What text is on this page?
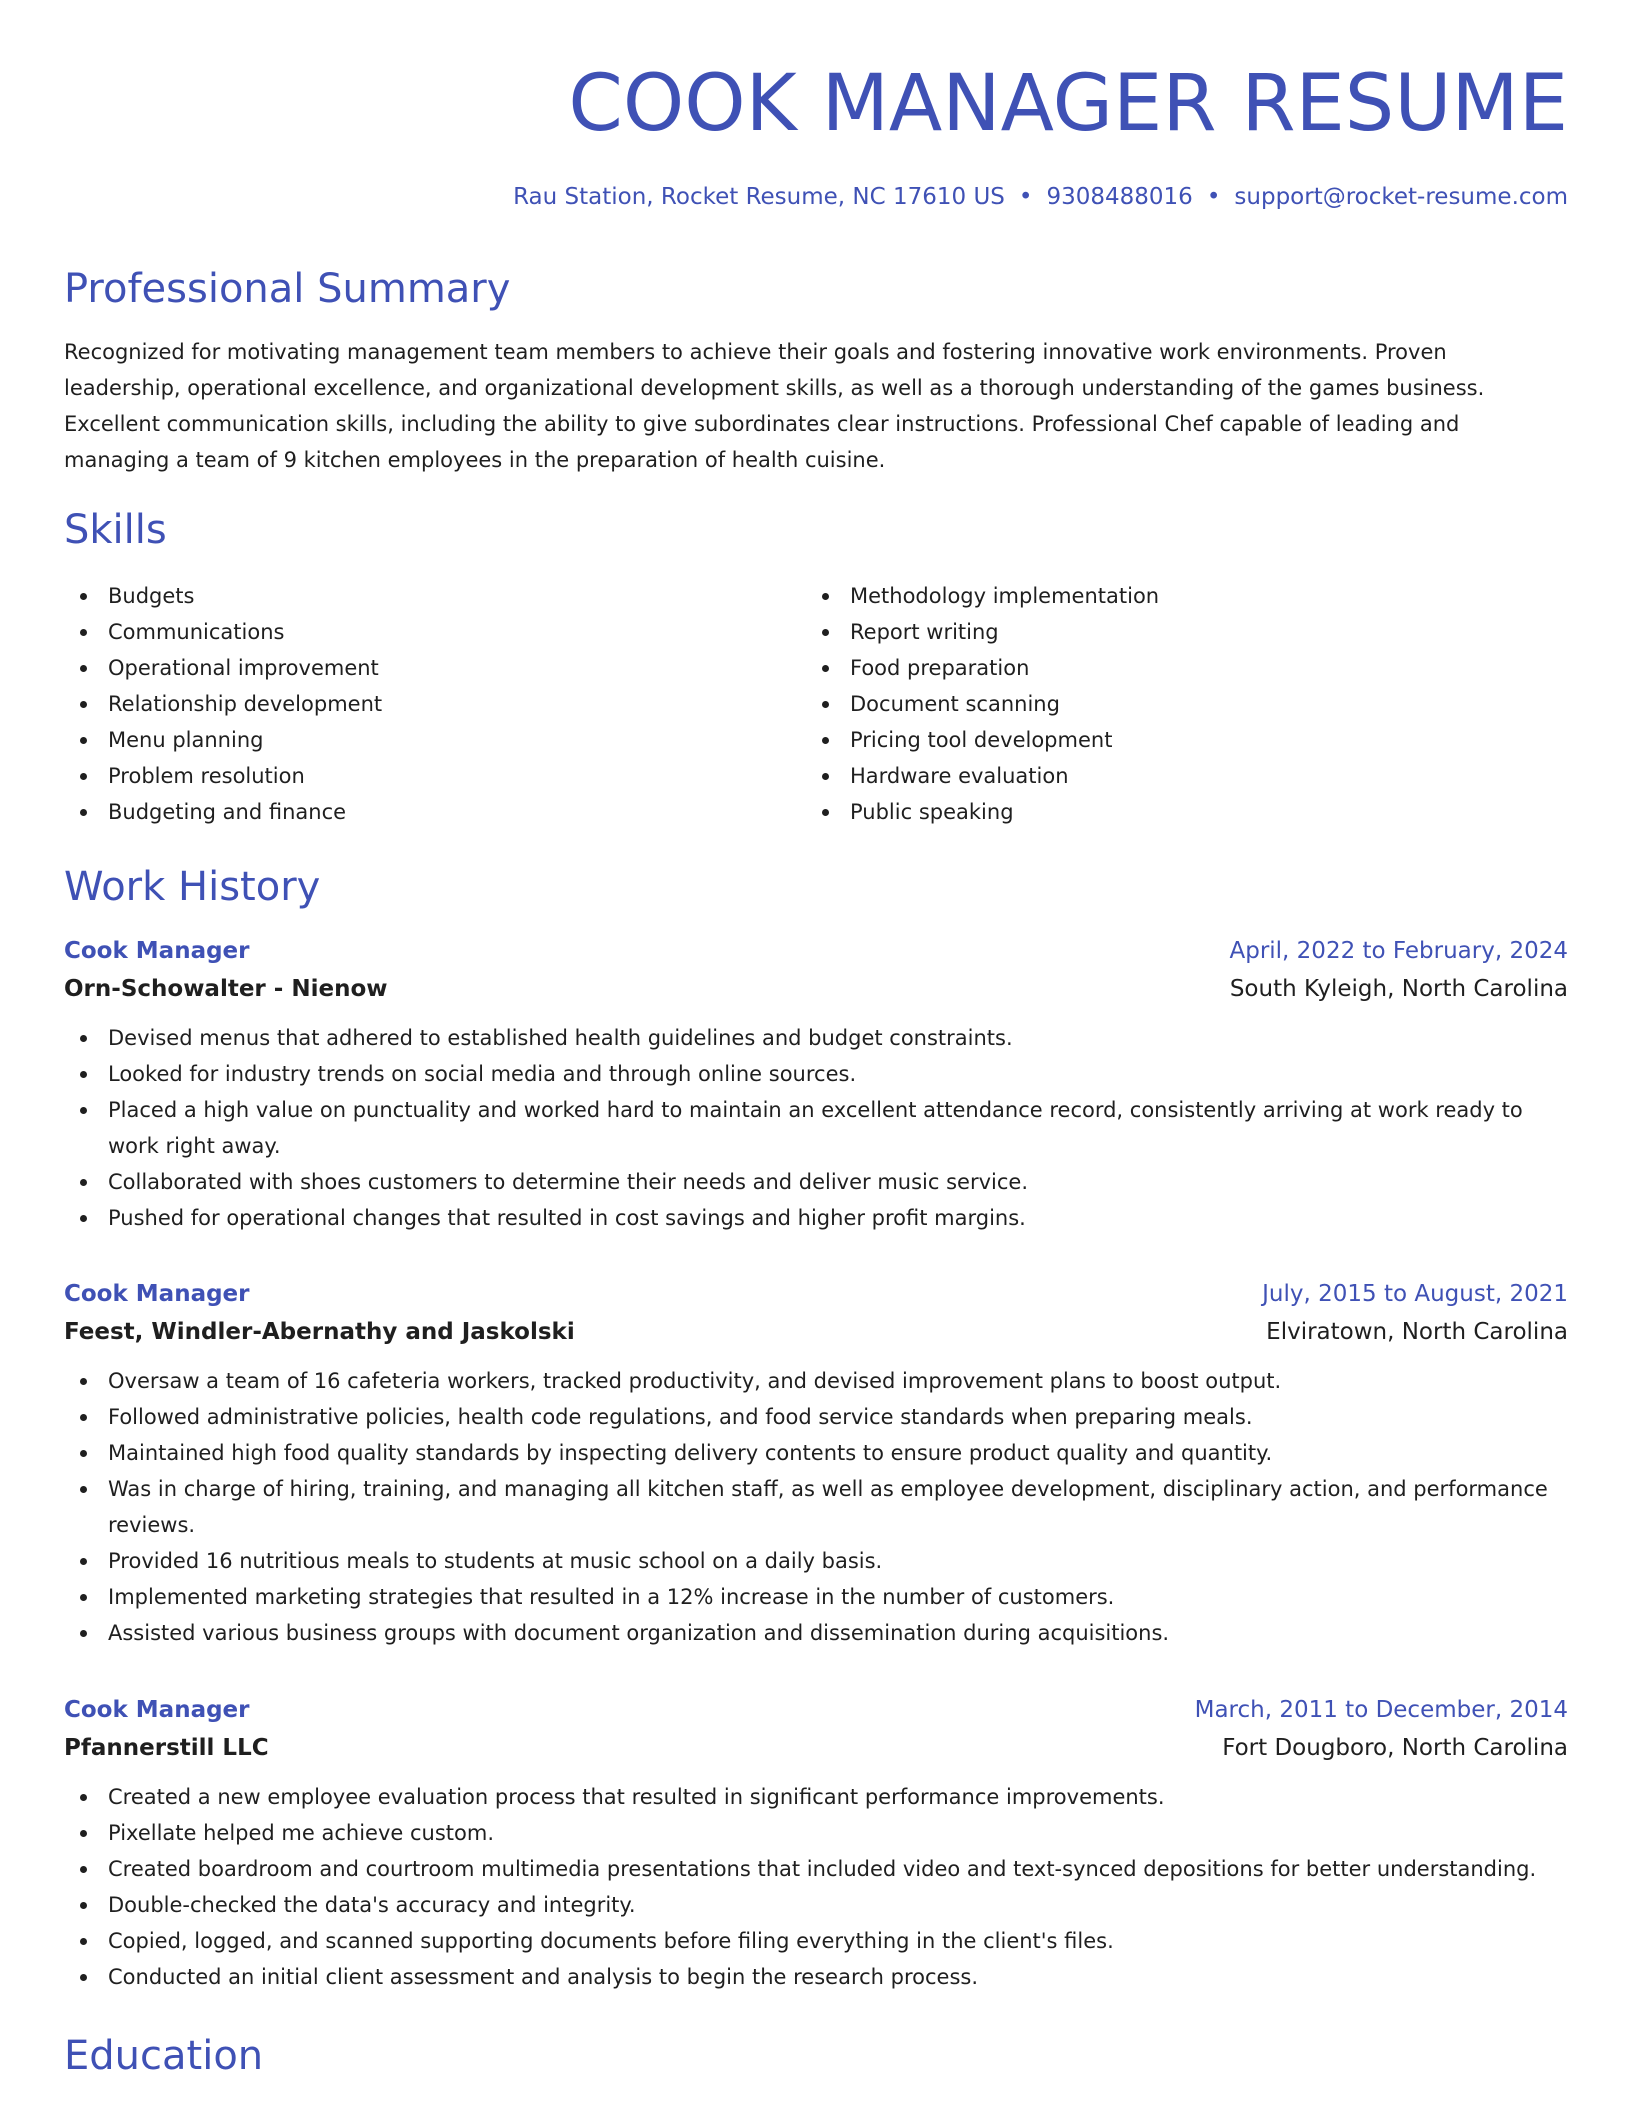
COOK MANAGER RESUME
Rau Station, Rocket Resume, NC 17610 US • 9308488016 • support@rocket-resume.com
Professional Summary

Recognized for motivating management team members to achieve their goals and fostering innovative work environments. Proven leadership, operational excellence, and organizational development skills, as well as a thorough understanding of the games business. Excellent communication skills, including the ability to give subordinates clear instructions. Professional Chef capable of leading and managing a team of 9 kitchen employees in the preparation of health cuisine.

Skills
Budgets
Communications
Operational improvement
Relationship development
Menu planning
Problem resolution
Budgeting and finance
Methodology implementation
Report writing
Food preparation
Document scanning
Pricing tool development
Hardware evaluation
Public speaking
Work History
Cook Manager	April, 2022 to February, 2024
Orn-Schowalter - Nienow	South Kyleigh, North Carolina
Devised menus that adhered to established health guidelines and budget constraints.
Looked for industry trends on social media and through online sources.
Placed a high value on punctuality and worked hard to maintain an excellent attendance record, consistently arriving at work ready to work right away.
Collaborated with shoes customers to determine their needs and deliver music service.
Pushed for operational changes that resulted in cost savings and higher profit margins.
Cook Manager	July, 2015 to August, 2021
Feest, Windler-Abernathy and Jaskolski	Elviratown, North Carolina
Oversaw a team of 16 cafeteria workers, tracked productivity, and devised improvement plans to boost output.
Followed administrative policies, health code regulations, and food service standards when preparing meals.
Maintained high food quality standards by inspecting delivery contents to ensure product quality and quantity.
Was in charge of hiring, training, and managing all kitchen staff, as well as employee development, disciplinary action, and performance reviews.
Provided 16 nutritious meals to students at music school on a daily basis.
Implemented marketing strategies that resulted in a 12% increase in the number of customers.
Assisted various business groups with document organization and dissemination during acquisitions.
Cook Manager	March, 2011 to December, 2014
Pfannerstill LLC	Fort Dougboro, North Carolina
Created a new employee evaluation process that resulted in significant performance improvements.
Pixellate helped me achieve custom.
Created boardroom and courtroom multimedia presentations that included video and text-synced depositions for better understanding.
Double-checked the data's accuracy and integrity.
Copied, logged, and scanned supporting documents before filing everything in the client's files.
Conducted an initial client assessment and analysis to begin the research process.
Education
